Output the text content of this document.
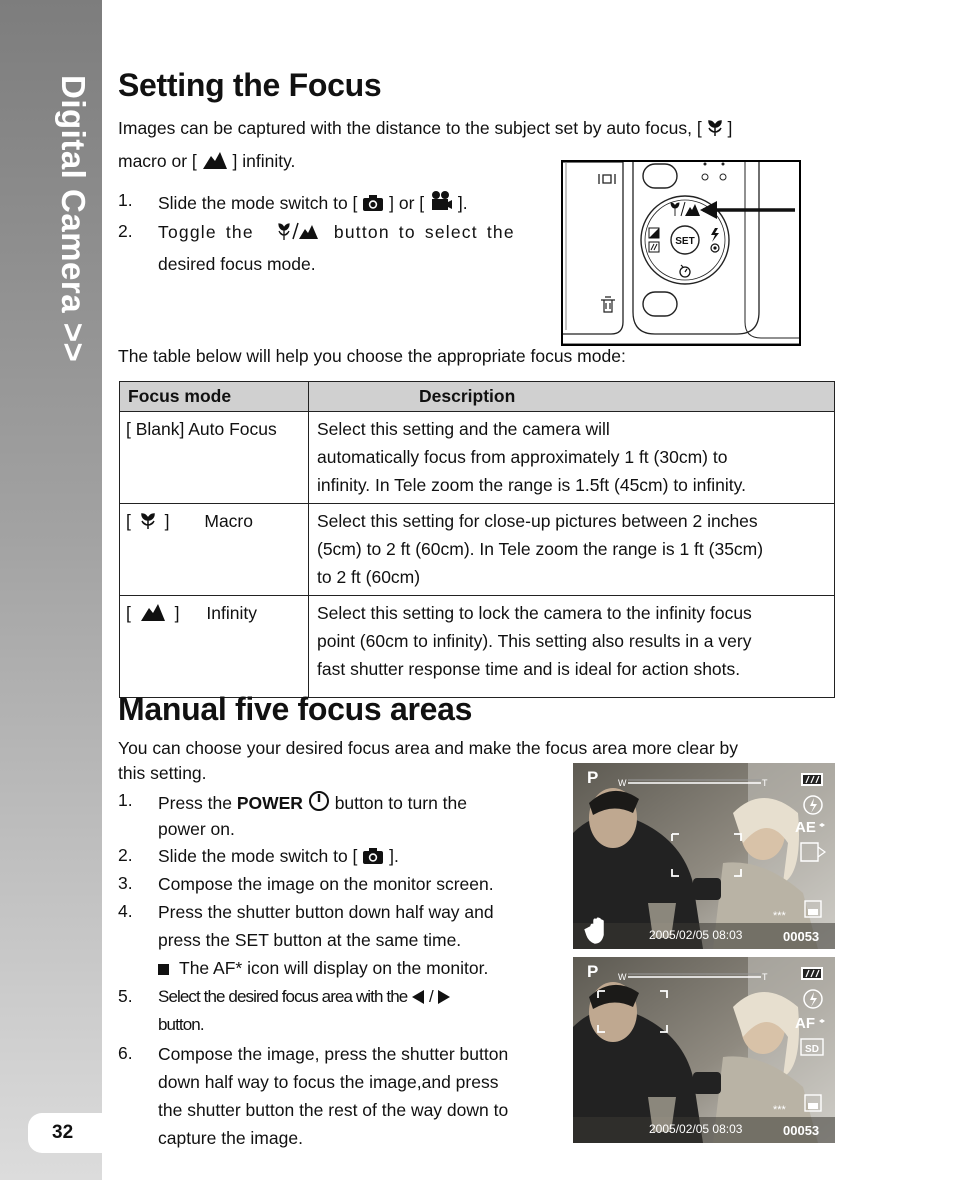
Digital Camera >>
32
Setting the Focus
Images can be captured with the distance to the subject set by auto focus, [ ]
macro or [ ] infinity.
1. Slide the mode switch to [ ] or [ ].
2. Toggle the	button to select the
desired focus mode.
SET
The table below will help you choose the appropriate focus mode:
Focus mode	Description
[ Blank] Auto Focus	Select this setting and the camera will
automatically focus from approximately 1 ft (30cm) to
infinity. In Tele zoom the range is 1.5ft (45cm) to infinity.

[ ] Macro	Select this setting for close-up pictures between 2 inches
(5cm) to 2 ft (60cm). In Tele zoom the range is 1 ft (35cm)
to 2 ft (60cm)

[ ] Infinity	Select this setting to lock the camera to the infinity focus
point (60cm to infinity). This setting also results in a very
fast shutter response time and is ideal for action shots.
Manual five focus areas
You can choose your desired focus area and make the focus area more clear by
this setting.
1. Press the POWER button to turn the
power on.
2. Slide the mode switch to [ ].
3. Compose the image on the monitor screen.
4. Press the shutter button down half way and
press the SET button at the same time.
The AF* icon will display on the monitor.
5. Select the desired focus area with the /
button.
6. Compose the image, press the shutter button
down half way to focus the image,and press
the shutter button the rest of the way down to
capture the image.
P W	T
AE
***
2005/02/05 08:03	00053
P W	T
AF
SD
***
2005/02/05 08:03	00053
